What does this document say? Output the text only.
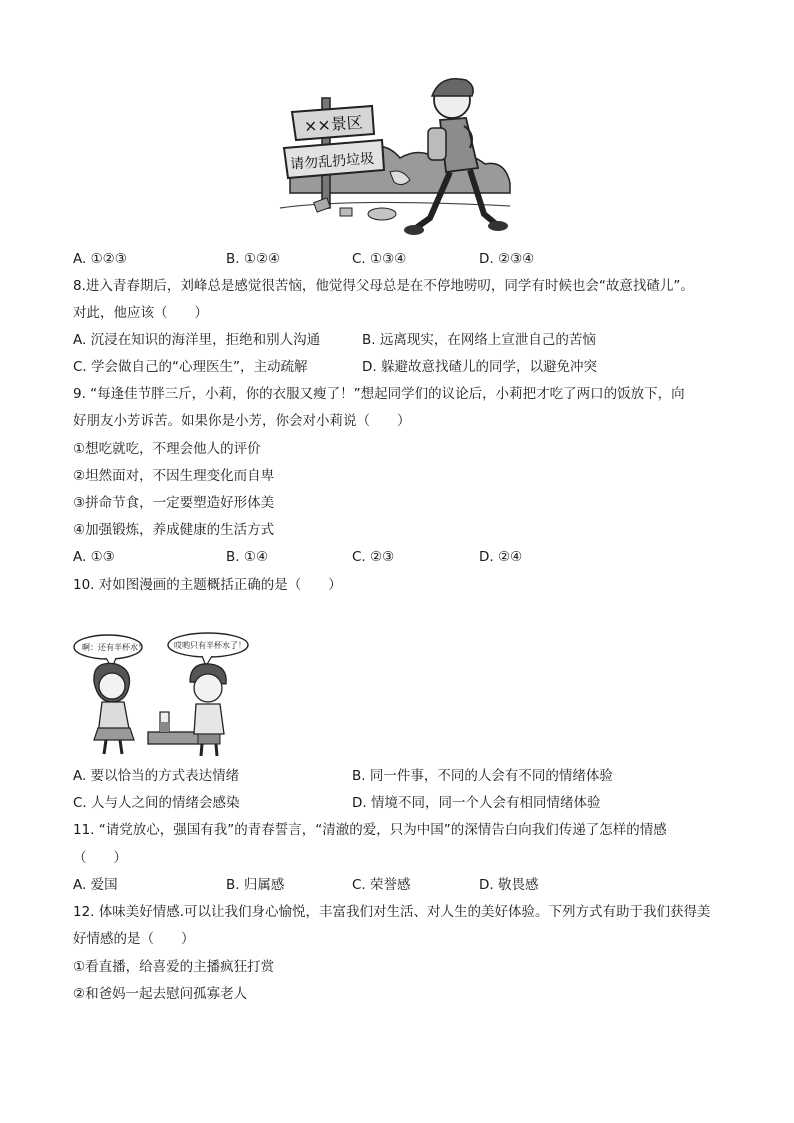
××景区
请勿乱扔垃圾
A. ①②③	B. ①②④	C. ①③④	D. ②③④
8.进入青春期后，刘峰总是感觉很苦恼，他觉得父母总是在不停地唠叨，同学有时候也会“故意找碴儿”。
对此，他应该（　　）
A. 沉浸在知识的海洋里，拒绝和别人沟通	B. 远离现实，在网络上宣泄自己的苦恼
C. 学会做自己的“心理医生”，主动疏解	D. 躲避故意找碴儿的同学，以避免冲突
9. “每逢佳节胖三斤，小莉，你的衣服又瘦了！”想起同学们的议论后，小莉把才吃了两口的饭放下，向
好朋友小芳诉苦。如果你是小芳，你会对小莉说（　　）
①想吃就吃，不理会他人的评价
②坦然面对，不因生理变化而自卑
③拼命节食，一定要塑造好形体美
④加强锻炼，养成健康的生活方式
A. ①③	B. ①④	C. ②③	D. ②④
10. 对如图漫画的主题概括正确的是（　　）
啊：还有半杯水！	哎哟只有半杯水了！
A. 要以恰当的方式表达情绪	B. 同一件事，不同的人会有不同的情绪体验
C. 人与人之间的情绪会感染	D. 情境不同，同一个人会有相同情绪体验
11. “请党放心，强国有我”的青春誓言，“清澈的爱，只为中国”的深情告白向我们传递了怎样的情感
（　　）
A. 爱国	B. 归属感	C. 荣誉感	D. 敬畏感
12. 体味美好情感.可以让我们身心愉悦，丰富我们对生活、对人生的美好体验。下列方式有助于我们获得美
好情感的是（　　）
①看直播，给喜爱的主播疯狂打赏
②和爸妈一起去慰问孤寡老人
